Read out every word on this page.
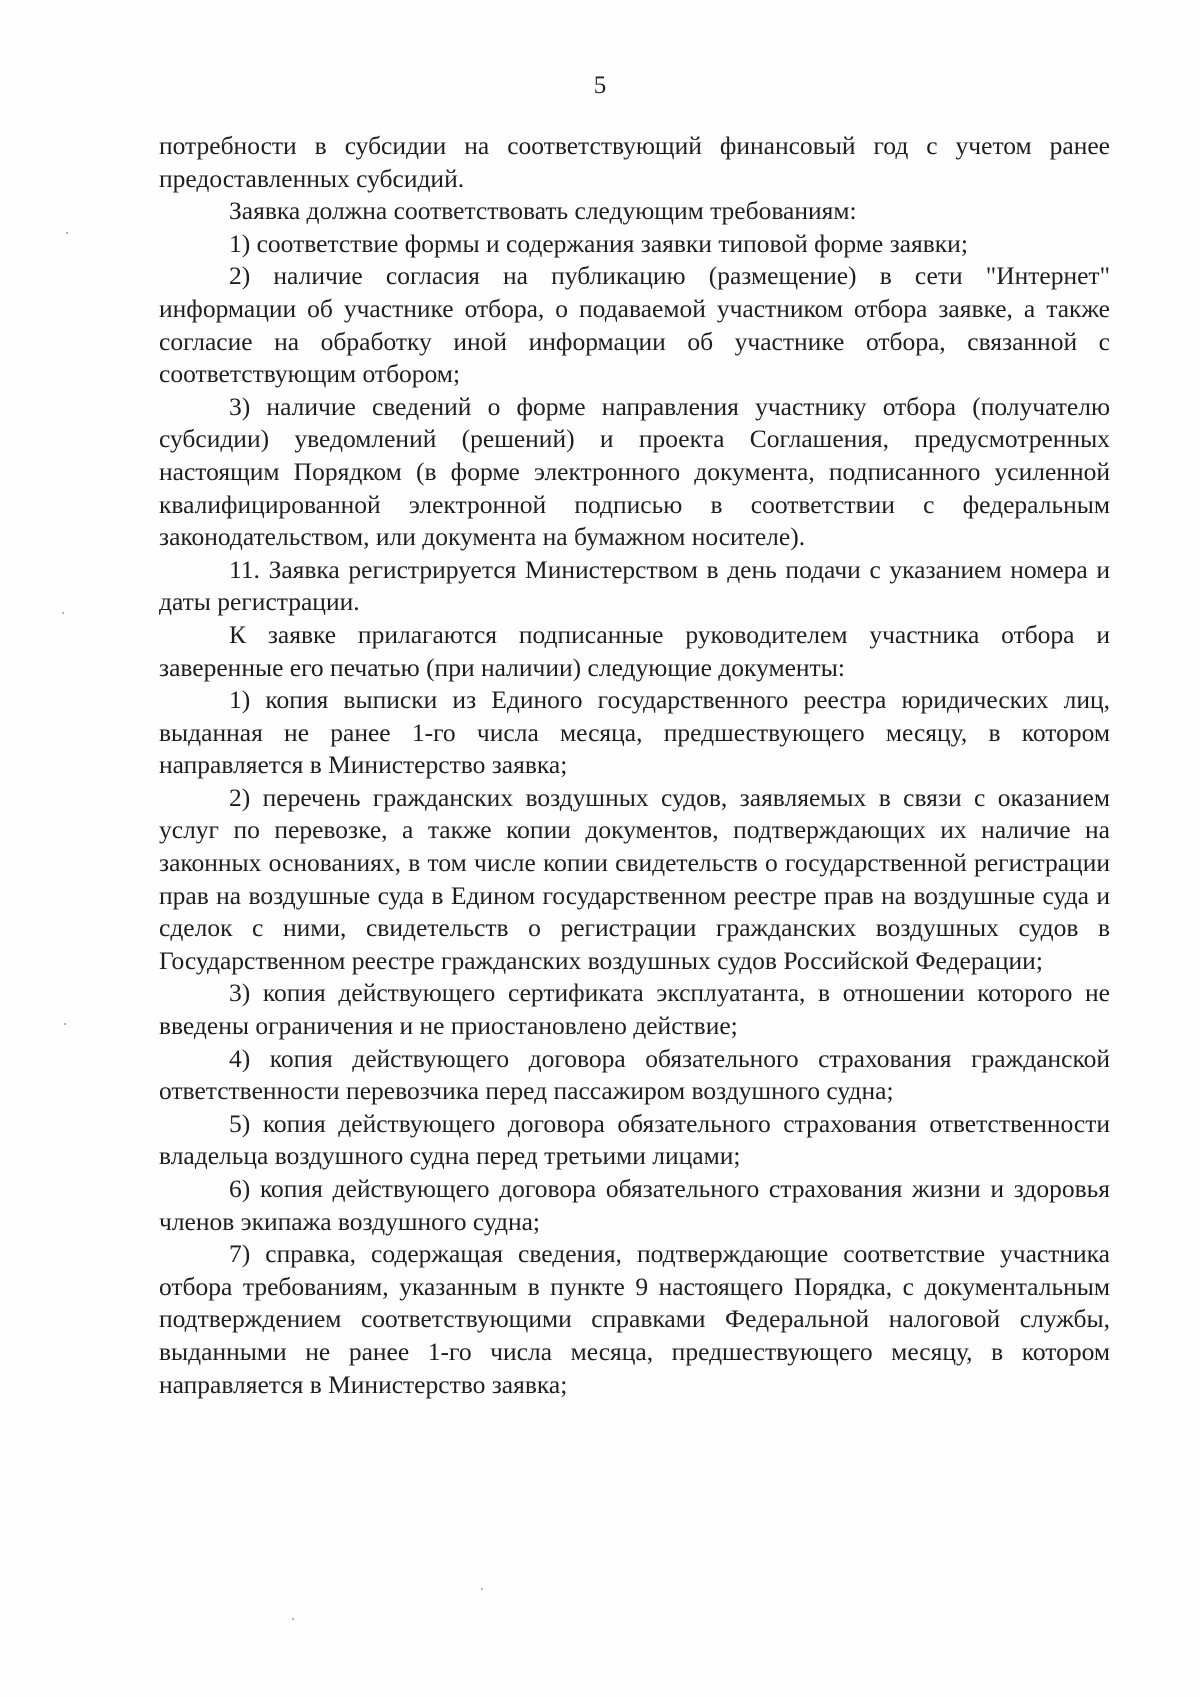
5

потребности в субсидии на соответствующий финансовый год с учетом ранее предоставленных субсидий.

Заявка должна соответствовать следующим требованиям:

1) соответствие формы и содержания заявки типовой форме заявки;

2) наличие согласия на публикацию (размещение) в сети "Интернет" информации об участнике отбора, о подаваемой участником отбора заявке, а также согласие на обработку иной информации об участнике отбора, связанной с соответствующим отбором;

3) наличие сведений о форме направления участнику отбора (получателю субсидии) уведомлений (решений) и проекта Соглашения, предусмотренных настоящим Порядком (в форме электронного документа, подписанного усиленной квалифицированной электронной подписью в соответствии с федеральным законодательством, или документа на бумажном носителе).

11. Заявка регистрируется Министерством в день подачи с указанием номера и даты регистрации.

К заявке прилагаются подписанные руководителем участника отбора и заверенные его печатью (при наличии) следующие документы:

1) копия выписки из Единого государственного реестра юридических лиц, выданная не ранее 1-го числа месяца, предшествующего месяцу, в котором направляется в Министерство заявка;

2) перечень гражданских воздушных судов, заявляемых в связи с оказанием услуг по перевозке, а также копии документов, подтверждающих их наличие на законных основаниях, в том числе копии свидетельств о государственной регистрации прав на воздушные суда в Едином государственном реестре прав на воздушные суда и сделок с ними, свидетельств о регистрации гражданских воздушных судов в Государственном реестре гражданских воздушных судов Российской Федерации;

3) копия действующего сертификата эксплуатанта, в отношении которого не введены ограничения и не приостановлено действие;

4) копия действующего договора обязательного страхования гражданской ответственности перевозчика перед пассажиром воздушного судна;

5) копия действующего договора обязательного страхования ответственности владельца воздушного судна перед третьими лицами;

6) копия действующего договора обязательного страхования жизни и здоровья членов экипажа воздушного судна;

7) справка, содержащая сведения, подтверждающие соответствие участника отбора требованиям, указанным в пункте 9 настоящего Порядка, с документальным подтверждением соответствующими справками Федеральной налоговой службы, выданными не ранее 1-го числа месяца, предшествующего месяцу, в котором направляется в Министерство заявка;
